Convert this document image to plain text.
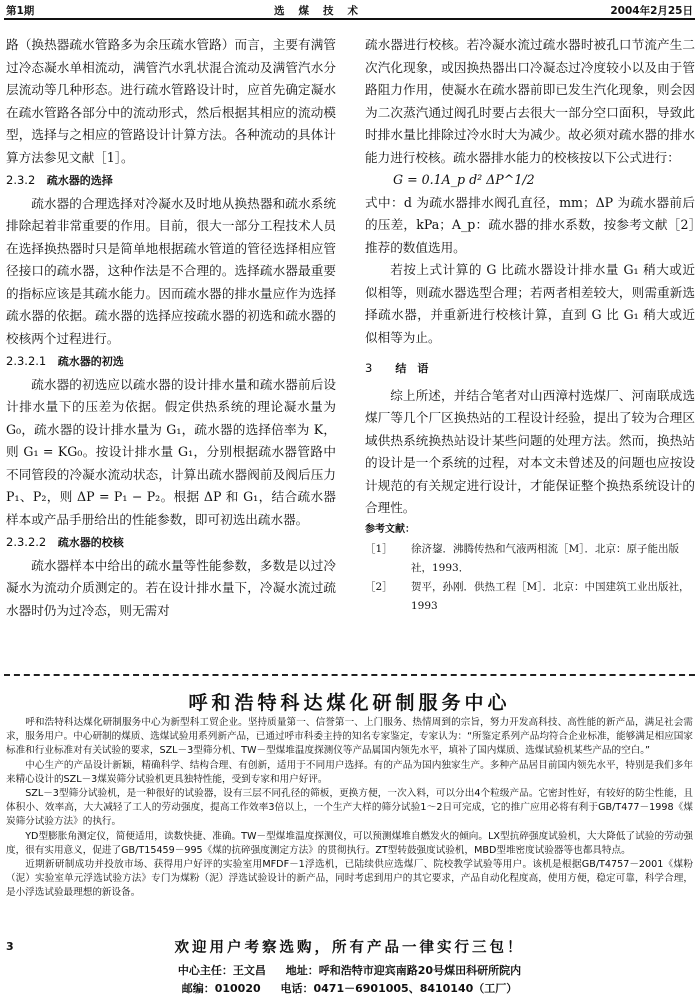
第1期	选煤技术	2004年2月25日

路（换热器疏水管路多为余压疏水管路）而言，主要有满管过冷态凝水单相流动，满管汽水乳状混合流动及满管汽水分层流动等几种形态。进行疏水管路设计时，应首先确定凝水在疏水管路各部分中的流动形式，然后根据其相应的流动模型，选择与之相应的管路设计计算方法。各种流动的具体计算方法参见文献［1］。

2.3.2　 疏水器的选择

疏水器的合理选择对冷凝水及时地从换热器和疏水系统排除起着非常重要的作用。目前，很大一部分工程技术人员在选择换热器时只是简单地根据疏水管道的管径选择相应管径接口的疏水器，这种作法是不合理的。选择疏水器最重要的指标应该是其疏水能力。因而疏水器的排水量应作为选择疏水器的依据。疏水器的选择应按疏水器的初选和疏水器的校核两个过程进行。

2.3.2.1　 疏水器的初选

疏水器的初选应以疏水器的设计排水量和疏水器前后设计排水量下的压差为依据。假定供热系统的理论凝水量为 G₀，疏水器的设计排水量为 G₁，疏水器的选择倍率为 K，则 G₁ = KG₀。按设计排水量 G₁，分别根据疏水器管路中不同管段的冷凝水流动状态，计算出疏水器阀前及阀后压力 P₁、P₂，则 ΔP = P₁ − P₂。根据 ΔP 和 G₁，结合疏水器样本或产品手册给出的性能参数，即可初选出疏水器。

2.3.2.2　 疏水器的校核

疏水器样本中给出的疏水量等性能参数，多数是以过冷凝水为流动介质测定的。若在设计排水量下，冷凝水流过疏水器时仍为过冷态，则无需对

疏水器进行校核。若冷凝水流过疏水器时被孔口节流产生二次汽化现象，或因换热器出口冷凝态过冷度较小以及由于管路阻力作用，使凝水在疏水器前即已发生汽化现象，则会因为二次蒸汽通过阀孔时要占去很大一部分空口面积，导致此时排水量比排除过冷水时大为减少。故必须对疏水器的排水能力进行校核。疏水器排水能力的校核按以下公式进行：

G = 0.1A_p d² ΔP^1/2

式中：d 为疏水器排水阀孔直径，mm；ΔP 为疏水器前后的压差，kPa；A_p：疏水器的排水系数，按参考文献［2］推荐的数值选用。

若按上式计算的 G 比疏水器设计排水量 G₁ 稍大或近似相等，则疏水器选型合理；若两者相差较大，则需重新选择疏水器，并重新进行校核计算，直到 G 比 G₁ 稍大或近似相等为止。

3　　 结　语

综上所述，并结合笔者对山西漳村选煤厂、河南联成选煤厂等几个厂区换热站的工程设计经验，提出了较为合理区域供热系统换热站设计某些问题的处理方法。然而，换热站的设计是一个系统的过程，对本文未曾述及的问题也应按设计规范的有关规定进行设计，才能保证整个换热系统设计的合理性。

参考文献：
［1］ 徐济鋆．沸腾传热和气液两相流［M］．北京：原子能出版社，1993．
［2］ 贺平，孙刚．供热工程［M］．北京：中国建筑工业出版社，1993
呼和浩特科达煤化研制服务中心

呼和浩特科达煤化研制服务中心为新型科工贸企业。坚持质量第一、信誉第一、上门服务、热情周到的宗旨，努力开发高科技、高性能的新产品，满足社会需求，服务用户。中心研制的煤质、选煤试验用系列新产品，已通过呼市科委主持的知名专家鉴定，专家认为：“所鉴定系列产品均符合企业标准，能够满足相应国家标准和行业标准对有关试验的要求，SZL－3型筛分机、TW－型煤堆温度探测仪等产品属国内领先水平，填补了国内煤质、选煤试验机某些产品的空白。”

中心生产的产品设计新颖，精确科学、结构合理、有创新，适用于不同用户选择。有的产品为国内独家生产。多种产品居目前国内领先水平，特别是我们多年来精心设计的SZL－3煤炭筛分试验机更具独特性能，受到专家和用户好评。

SZL－3型筛分试验机，是一种很好的试验器，设有三层不同孔径的筛板，更换方便，一次入料，可以分出4个粒级产品。它密封性好，有较好的防尘性能，且体积小、效率高，大大减轻了工人的劳动强度，提高工作效率3倍以上，一个生产大样的筛分试验1～2日可完成，它的推广应用必将有利于GB/T477－1998《煤炭筛分试验方法》的执行。

YD型膨胀角测定仪，简便适用，读数快捷、准确。TW－型煤堆温度探测仪，可以预测煤堆自燃发火的倾向。LX型抗碎强度试验机，大大降低了试验的劳动强度，很有实用意义，促进了GB/T15459－995《煤的抗碎强度测定方法》的贯彻执行。ZT型转鼓强度试验机，MBD型堆密度试验器等也都具特点。

近期新研制成功并投放市场、获得用户好评的实验室用MFDF－1浮选机，已陆续供应选煤厂、院校教学试验等用户。该机是根据GB/T4757－2001《煤粉（泥）实验室单元浮选试验方法》专门为煤粉（泥）浮选试验设计的新产品，同时考虑到用户的其它要求，产品自动化程度高，使用方便，稳定可靠，科学合理，是小浮选试验最理想的新设备。

3	欢迎用户考察选购，所有产品一律实行三包！
中心主任：王文昌 地址：呼和浩特市迎宾南路20号煤田科研所院内
邮编：010020 电话：0471－6901005、8410140（工厂）
